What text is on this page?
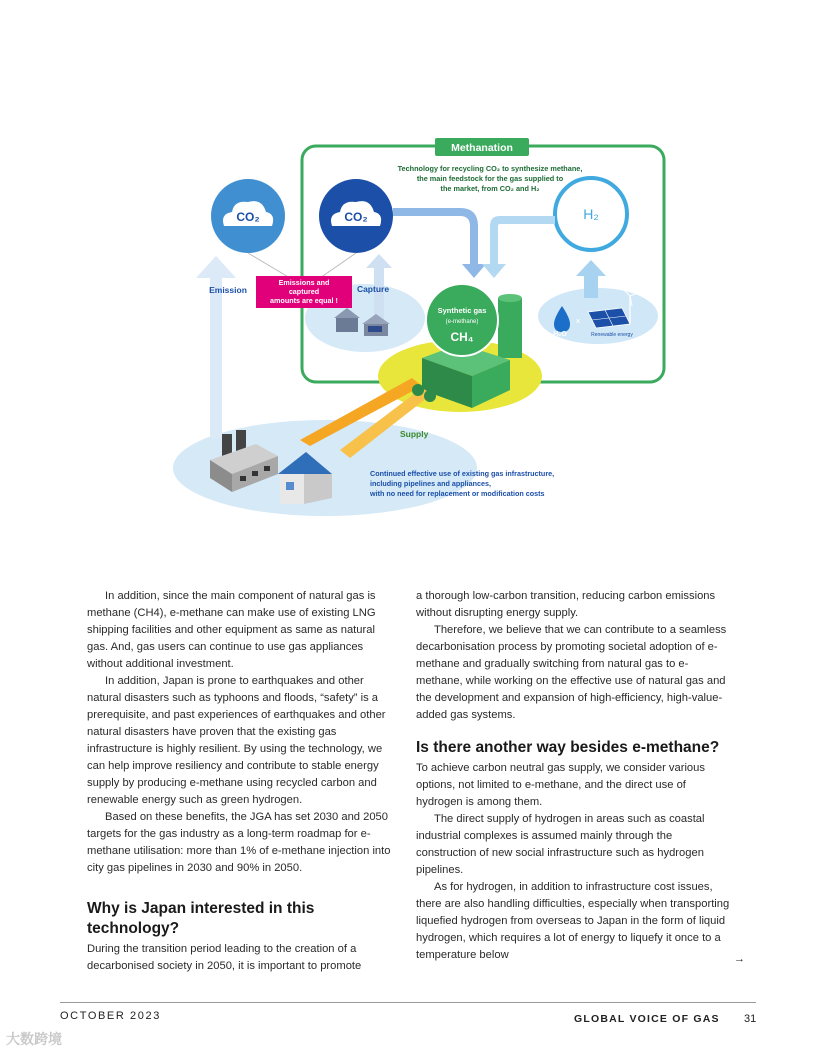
Methanation
Technology for recycling CO₂ to synthesize methane,
the main feedstock for the gas supplied to
the market, from CO₂ and H₂
CO₂	CO₂	H₂
Emissions and
captured
amounts are equal !
Emission	Capture
Synthetic gas
(e-methane)
CH₄
×
H₂O	Renewable energy
Supply
Continued effective use of existing gas infrastructure,
including pipelines and appliances,
with no need for replacement or modification costs

In addition, since the main component of natural gas is methane (CH4), e-methane can make use of existing LNG shipping facilities and other equipment as same as natural gas. And, gas users can continue to use gas appliances without additional investment.

In addition, Japan is prone to earthquakes and other natural disasters such as typhoons and floods, “safety” is a prerequisite, and past experiences of earthquakes and other natural disasters have proven that the existing gas infrastructure is highly resilient. By using the technology, we can help improve resiliency and contribute to stable energy supply by producing e-methane using recycled carbon and renewable energy such as green hydrogen.

Based on these benefits, the JGA has set 2030 and 2050 targets for the gas industry as a long-term roadmap for e-methane utilisation: more than 1% of e-methane injection into city gas pipelines in 2030 and 90% in 2050.

Why is Japan interested in this technology?

During the transition period leading to the creation of a decarbonised society in 2050, it is important to promote

a thorough low-carbon transition, reducing carbon emissions without disrupting energy supply.

Therefore, we believe that we can contribute to a seamless decarbonisation process by promoting societal adoption of e-methane and gradually switching from natural gas to e-methane, while working on the effective use of natural gas and the development and expansion of high-efficiency, high-value-added gas systems.

Is there another way besides e-methane?

To achieve carbon neutral gas supply, we consider various options, not limited to e-methane, and the direct use of hydrogen is among them.

The direct supply of hydrogen in areas such as coastal industrial complexes is assumed mainly through the construction of new social infrastructure such as hydrogen pipelines.

As for hydrogen, in addition to infrastructure cost issues, there are also handling difficulties, especially when transporting liquefied hydrogen from overseas to Japan in the form of liquid hydrogen, which requires a lot of energy to liquefy it once to a temperature below	→
OCTOBER 2023	GLOBAL VOICE OF GAS 31
大数跨境
